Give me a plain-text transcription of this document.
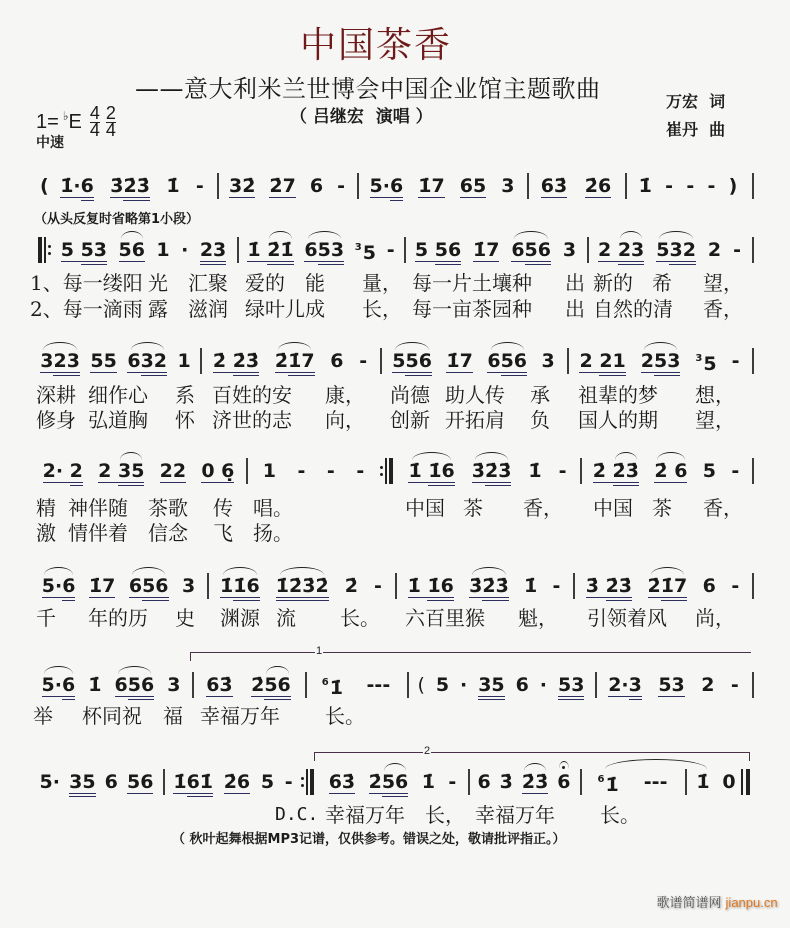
中国茶香
——意大利米兰世博会中国企业馆主题歌曲
（ 吕继宏  演唱 ）
万宏  词
崔丹  曲
1= ♭ E $\frac{4}{4} \frac{2}{4}$
中速
( 1̇·6 3̇2̇3̇ 1̇ - 32̇ 2̇7 6 - 5·6 1̇7 65 3 63̇ 2̇6 1̇ - - - )
（从头反复时省略第1小段）
5 53 56 1 · 23 1̇ 2̇1̇ 653 35 - 5 56 1̇7 656 3 2 23 532 2 -
1、每一缕阳 光 汇聚 爱的 能 量， 每一片土壤种 出 新的 希 望，
2、每一滴雨 露 滋润 绿叶儿成 长， 每一亩茶园种 出 自然的清 香，
323 55 632 1 2̇ 2̇3̇ 2̇1̇7 6 - 556 1̇7 656 3 2 21 253 35 -
深耕 细作心 系 百姓的安 康， 尚德 助人传 承 祖辈的梦 想，
修身 弘道胸 怀 济世的志 向， 创新 开拓肩 负 国人的期 望，
2· 2 2 35 22 0 6̣ 1 - - - 1̇ 1̇6 3̇2̇3̇ 1̇ - 2̇ 2̇3̇ 2̇ 6 5 -
精 神伴随 茶歌 传 唱。	中国 茶 香， 中国 茶 香，
激 情伴着 信念 飞 扬。
5·6 1̇7 656 3 1̇1̇6 1̇2̇3̇2̇ 2̇ - 1̇ 1̇6 3̇2̇3̇ 1̇ - 3̇ 2̇3̇ 2̇1̇7 6 -
千 年的历 史 渊源 流 长。 六百里猴 魁， 引领着风 尚，
1
5·6 1̇ 656 3 63̇ 2̇56	61̇ --- ( 5 · 35 6 · 53 2·3 53 2 -
举 杯同祝 福 幸福万年 长。
2
5· 35 6 56 1̇61̇ 2̇6 5 - 63̇ 2̇56 1̇ - 6 3̇ 2̇3̇ 6	61̇ --- 1̇ 0
D.C. 幸福万年 长， 幸福万年 长。
（ 秋叶起舞根据MP3记谱，仅供参考。错误之处，敬请批评指正。）

歌谱简谱网 jianpu.cn
